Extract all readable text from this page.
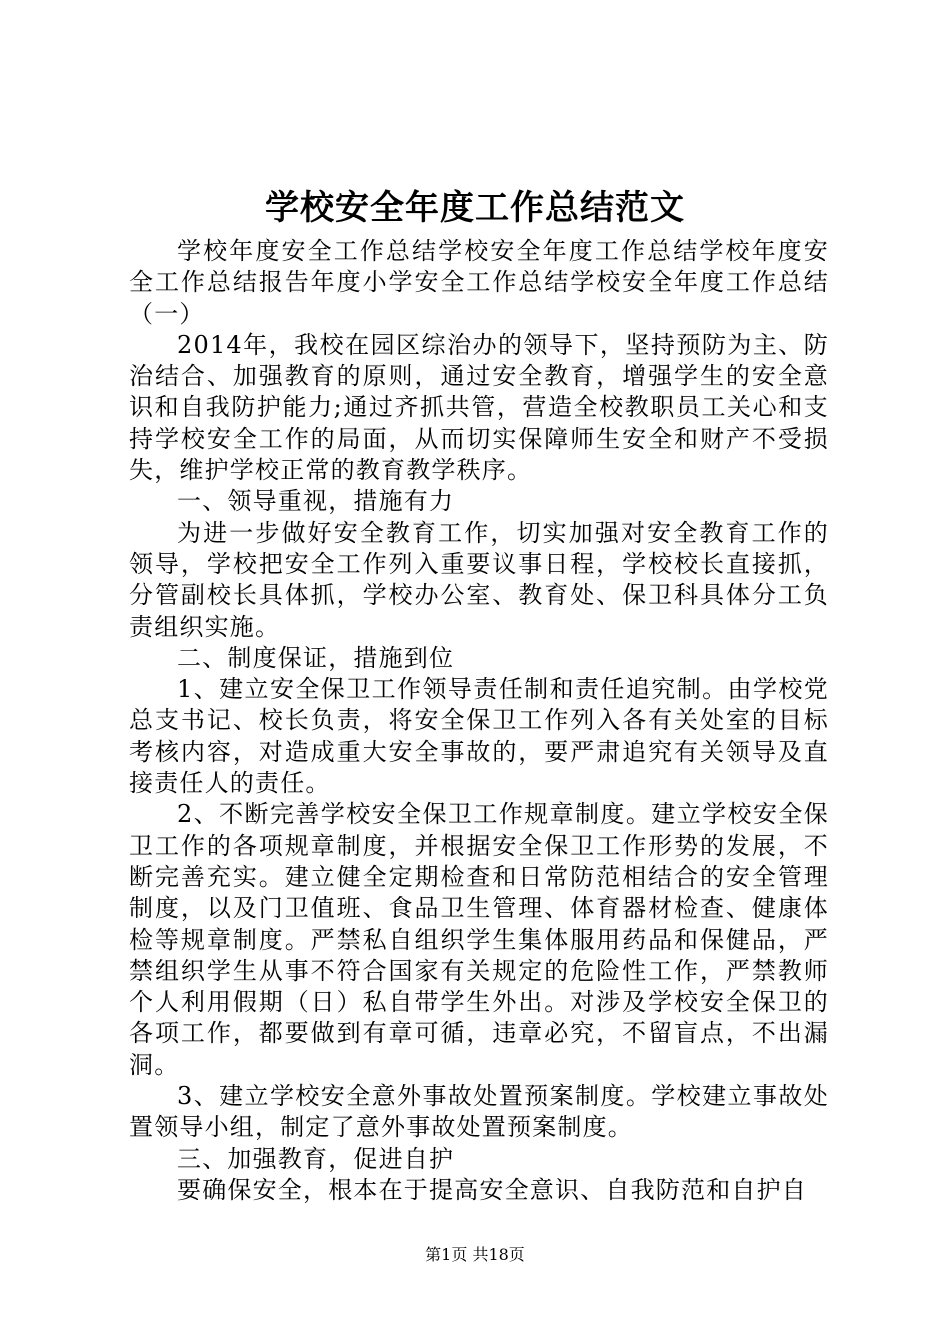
学校安全年度工作总结范文

学校年度安全工作总结学校安全年度工作总结学校年度安全工作总结报告年度小学安全工作总结学校安全年度工作总结（一）

2014年，我校在园区综治办的领导下，坚持预防为主、防治结合、加强教育的原则，通过安全教育，增强学生的安全意识和自我防护能力;通过齐抓共管，营造全校教职员工关心和支持学校安全工作的局面，从而切实保障师生安全和财产不受损失，维护学校正常的教育教学秩序。

一、领导重视，措施有力

为进一步做好安全教育工作，切实加强对安全教育工作的领导，学校把安全工作列入重要议事日程，学校校长直接抓，分管副校长具体抓，学校办公室、教育处、保卫科具体分工负责组织实施。

二、制度保证，措施到位

1、建立安全保卫工作领导责任制和责任追究制。由学校党总支书记、校长负责，将安全保卫工作列入各有关处室的目标考核内容，对造成重大安全事故的，要严肃追究有关领导及直接责任人的责任。

2、不断完善学校安全保卫工作规章制度。建立学校安全保卫工作的各项规章制度，并根据安全保卫工作形势的发展，不断完善充实。建立健全定期检查和日常防范相结合的安全管理制度，以及门卫值班、食品卫生管理、体育器材检查、健康体检等规章制度。严禁私自组织学生集体服用药品和保健品，严禁组织学生从事不符合国家有关规定的危险性工作，严禁教师个人利用假期（日）私自带学生外出。对涉及学校安全保卫的各项工作，都要做到有章可循，违章必究，不留盲点，不出漏洞。

3、建立学校安全意外事故处置预案制度。学校建立事故处置领导小组，制定了意外事故处置预案制度。

三、加强教育，促进自护

要确保安全，根本在于提高安全意识、自我防范和自护自

第1页 共18页
